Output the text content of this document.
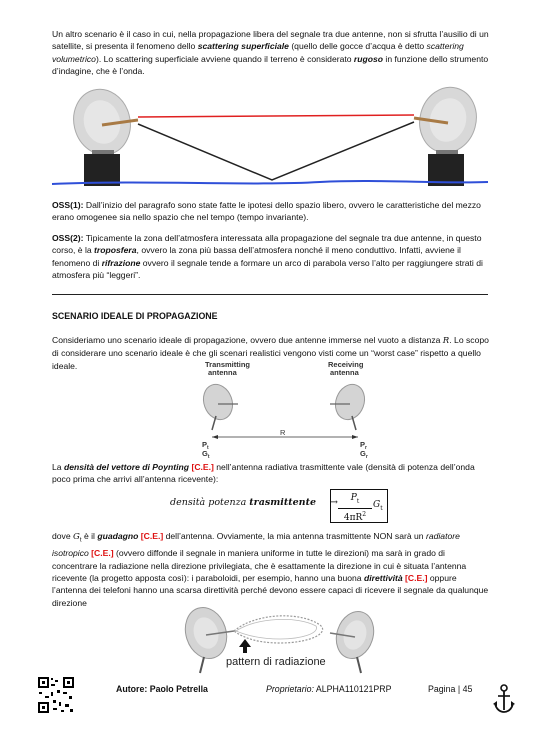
Un altro scenario è il caso in cui, nella propagazione libera del segnale tra due antenne, non si sfrutta l’ausilio di un satellite, si presenta il fenomeno dello scattering superficiale (quello delle gocce d’acqua è detto scattering volumetrico). Lo scattering superficiale avviene quando il terreno è considerato rugoso in funzione dello strumento d’indagine, che è l’onda.
OSS(1): Dall’inizio del paragrafo sono state fatte le ipotesi dello spazio libero, ovvero le caratteristiche del mezzo erano omogenee sia nello spazio che nel tempo (tempo invariante).
OSS(2): Tipicamente la zona dell’atmosfera interessata alla propagazione del segnale tra due antenne, in questo corso, è la troposfera, ovvero la zona più bassa dell’atmosfera nonché il meno conduttivo. Infatti, avviene il fenomeno di rifrazione ovvero il segnale tende a formare un arco di parabola verso l’alto per raggiungere strati di atmosfera più “leggeri”.
SCENARIO IDEALE DI PROPAGAZIONE
Consideriamo uno scenario ideale di propagazione, ovvero due antenne immerse nel vuoto a distanza R. Lo scopo di considerare uno scenario ideale è che gli scenari realistici vengono visti come un “worst case” rispetto a quello ideale.	Transmitting
antenna
Receiving
antenna
R
$P_t$
$G_t$
$P_r$
$G_r$
La densità del vettore di Poynting [C.E.] nell’antenna radiativa trasmittente vale (densità di potenza dell’onda poco prima che arrivi all’antenna ricevente):
densità potenza trasmittente → $\frac{P_t}{4\pi R^2} G_t$
dove $G_t$ è il guadagno [C.E.] dell’antenna. Ovviamente, la mia antenna trasmittente NON sarà un radiatore isotropico [C.E.] (ovvero diffonde il segnale in maniera uniforme in tutte le direzioni) ma sarà in grado di concentrare la radiazione nella direzione privilegiata, che è esattamente la direzione in cui è situata l’antenna ricevente (la progetto apposta così): i paraboloidi, per esempio, hanno una buona direttività [C.E.] oppure l’antenna dei telefoni hanno una scarsa direttività perché devono essere capaci di ricevere il segnale da qualunque direzione
pattern di radiazione
Autore: Paolo Petrella	Proprietario: ALPHA110121PRP	Pagina | 45
